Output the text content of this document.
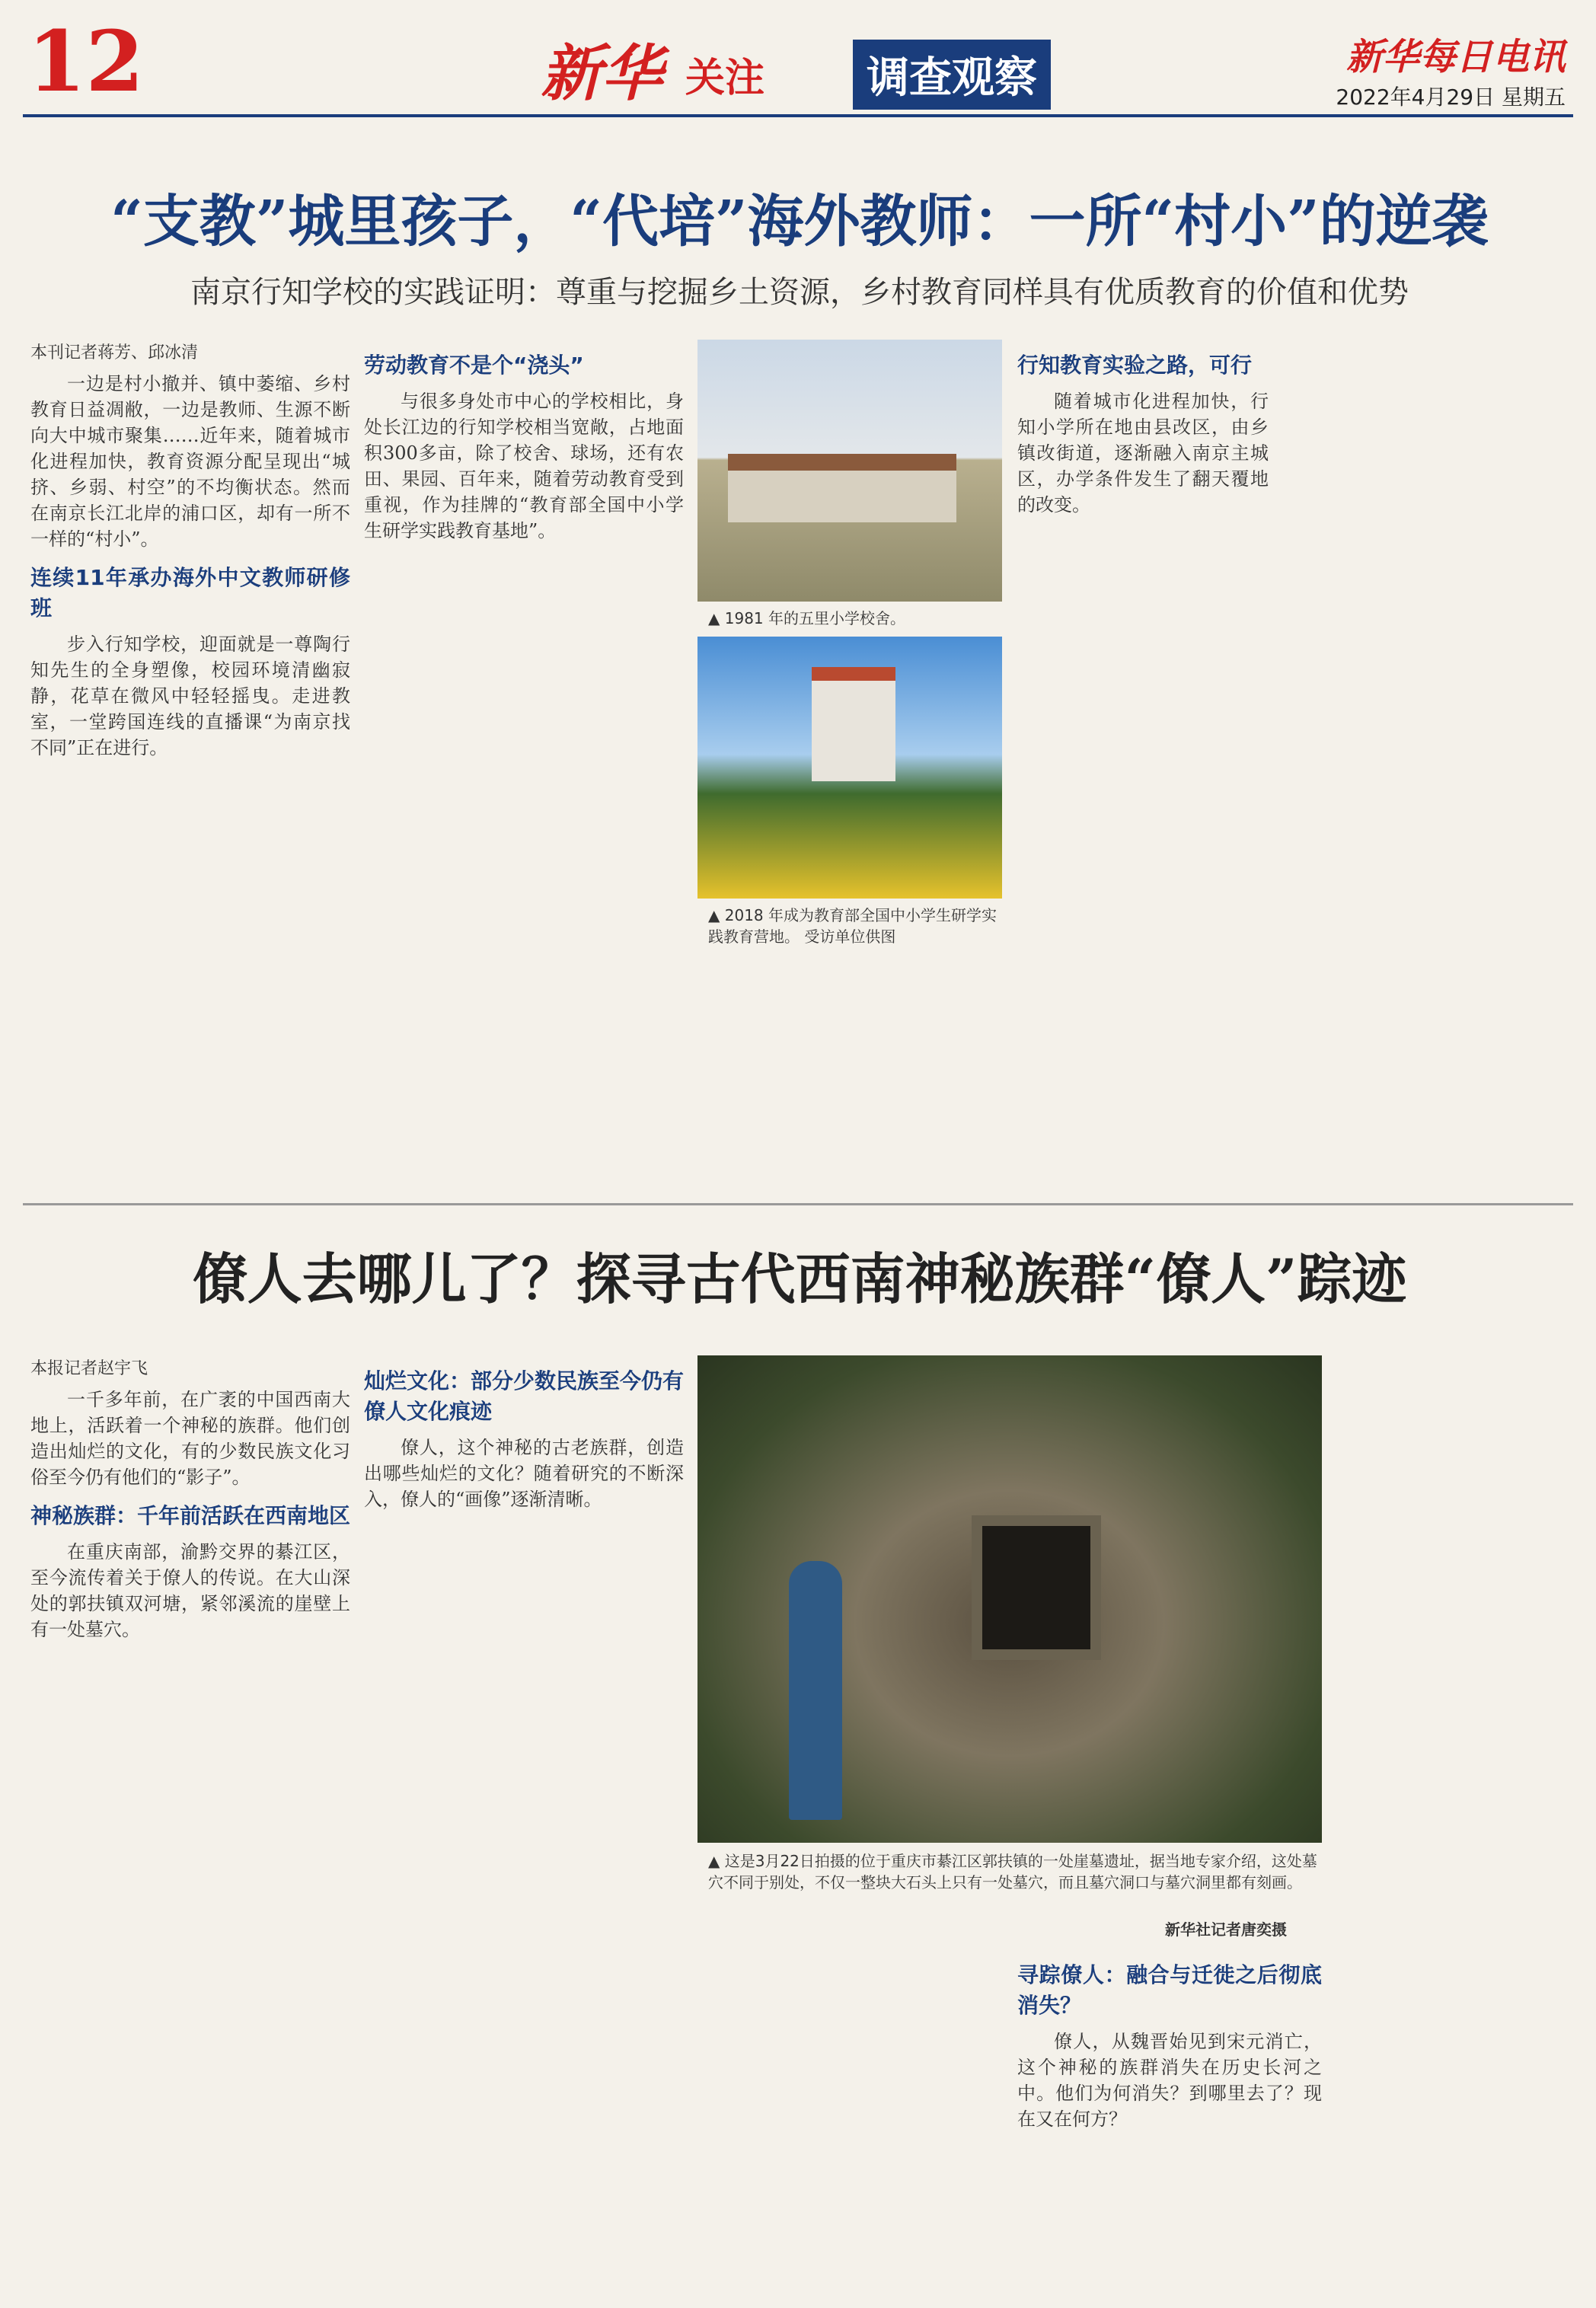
12	新华 关注	调查观察	新华每日电讯
2022年4月29日 星期五
“支教”城里孩子，“代培”海外教师：一所“村小”的逆袭
南京行知学校的实践证明：尊重与挖掘乡土资源，乡村教育同样具有优质教育的价值和优势
本刊记者蒋芳、邱冰清

一边是村小撤并、镇中萎缩、乡村教育日益凋敝，一边是教师、生源不断向大中城市聚集……近年来，随着城市化进程加快，教育资源分配呈现出“城挤、乡弱、村空”的不均衡状态。然而在南京长江北岸的浦口区，却有一所不一样的“村小”。

连续11年承办海外中文教师研修班

步入行知学校，迎面就是一尊陶行知先生的全身塑像，校园环境清幽寂静，花草在微风中轻轻摇曳。走进教室，一堂跨国连线的直播课“为南京找不同”正在进行。

劳动教育不是个“浇头”

与很多身处市中心的学校相比，身处长江边的行知学校相当宽敞，占地面积300多亩，除了校舍、球场，还有农田、果园、百年来，随着劳动教育受到重视，作为挂牌的“教育部全国中小学生研学实践教育基地”。

▲ 1981 年的五里小学校舍。
▲ 2018 年成为教育部全国中小学生研学实践教育营地。 受访单位供图
行知教育实验之路，可行

随着城市化进程加快，行知小学所在地由县改区，由乡镇改街道，逐渐融入南京主城区，办学条件发生了翻天覆地的改变。

僚人去哪儿了？探寻古代西南神秘族群“僚人”踪迹
本报记者赵宇飞

一千多年前，在广袤的中国西南大地上，活跃着一个神秘的族群。他们创造出灿烂的文化，有的少数民族文化习俗至今仍有他们的“影子”。

神秘族群：千年前活跃在西南地区

在重庆南部，渝黔交界的綦江区，至今流传着关于僚人的传说。在大山深处的郭扶镇双河塘，紧邻溪流的崖壁上有一处墓穴。

灿烂文化：部分少数民族至今仍有僚人文化痕迹

僚人，这个神秘的古老族群，创造出哪些灿烂的文化？随着研究的不断深入，僚人的“画像”逐渐清晰。

▲ 这是3月22日拍摄的位于重庆市綦江区郭扶镇的一处崖墓遗址，据当地专家介绍，这处墓穴不同于别处，不仅一整块大石头上只有一处墓穴，而且墓穴洞口与墓穴洞里都有刻画。
新华社记者唐奕摄
寻踪僚人：融合与迁徙之后彻底消失？

僚人，从魏晋始见到宋元消亡，这个神秘的族群消失在历史长河之中。他们为何消失？到哪里去了？现在又在何方？
